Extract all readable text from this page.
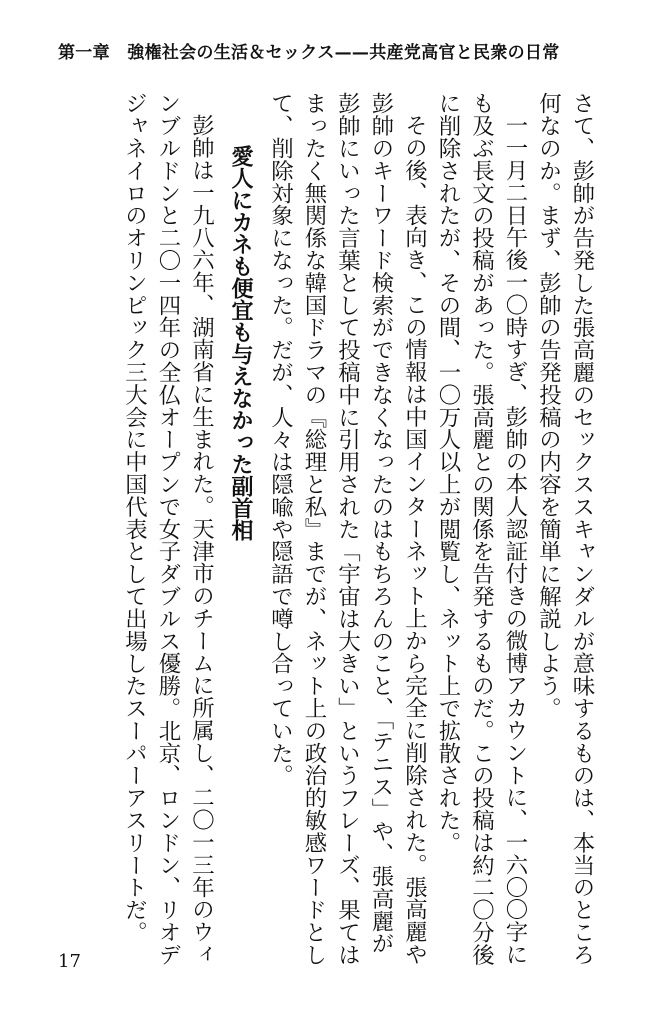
第一章　強権社会の生活＆セックス——共産党高官と民衆の日常

さて、彭帥が告発した張高麗のセックススキャンダルが意味するものは、本当のところ何なのか。まず、彭帥の告発投稿の内容を簡単に解説しよう。

一一月二日午後一〇時すぎ、彭帥の本人認証付きの微博アカウントに、一六〇〇字にも及ぶ長文の投稿があった。張高麗との関係を告発するものだ。この投稿は約二〇分後に削除されたが、その間、一〇万人以上が閲覧し、ネット上で拡散された。

その後、表向き、この情報は中国インターネット上から完全に削除された。張高麗や彭帥のキーワード検索ができなくなったのはもちろんのこと、「テニス」や、張高麗が彭帥にいった言葉として投稿中に引用された「宇宙は大きい」というフレーズ、果てはまったく無関係な韓国ドラマの『総理と私』までが、ネット上の政治的敏感ワードとして、削除対象になった。だが、人々は隠喩や隠語で噂し合っていた。

愛人にカネも便宜も与えなかった副首相

彭帥は一九八六年、湖南省に生まれた。天津市のチームに所属し、二〇一三年のウィンブルドンと二〇一四年の全仏オープンで女子ダブルス優勝。北京、ロンドン、リオデジャネイロのオリンピック三大会に中国代表として出場したスーパーアスリートだ。

17
